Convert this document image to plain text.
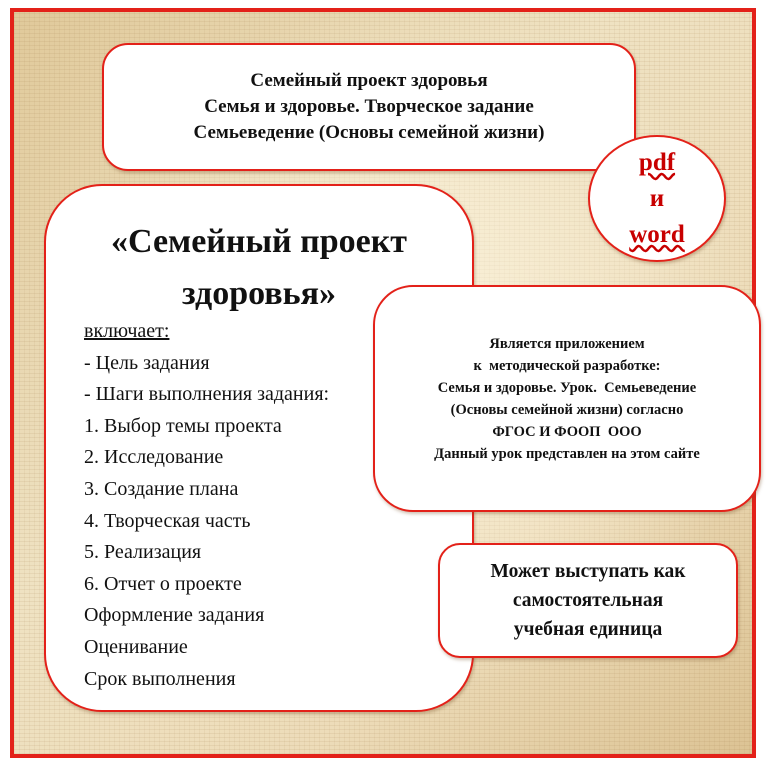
Семейный проект здоровья
Семья и здоровье. Творческое задание
Семьеведение (Основы семейной жизни)
pdf
и
word
«Семейный проект
здоровья»
включает:
- Цель задания
- Шаги выполнения задания:
1. Выбор темы проекта
2. Исследование
3. Создание плана
4. Творческая часть
5. Реализация
6. Отчет о проекте
Оформление задания
Оценивание
Срок выполнения
Является приложением
к  методической разработке:
Семья и здоровье. Урок.  Семьеведение
(Основы семейной жизни) согласно
ФГОС И ФООП  ООО
Данный урок представлен на этом сайте
Может выступать как
самостоятельная
учебная единица
